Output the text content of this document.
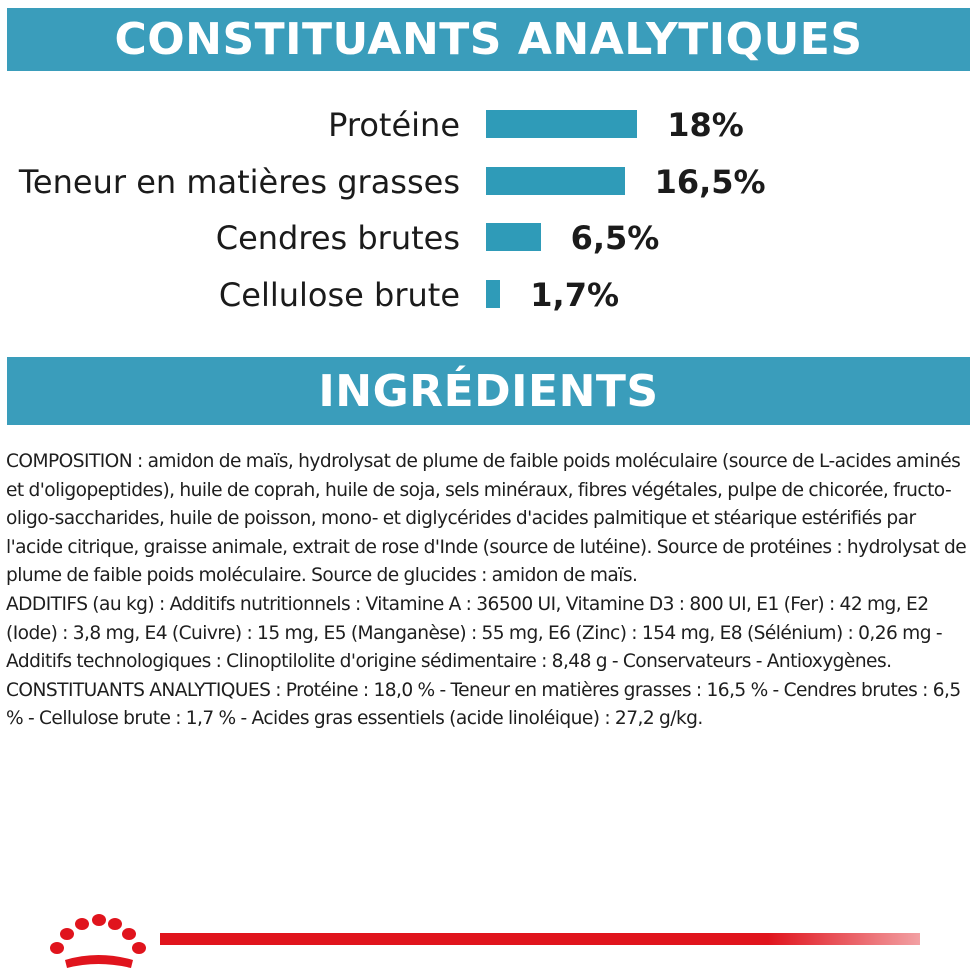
CONSTITUANTS ANALYTIQUES
Protéine	18%
Teneur en matières grasses	16,5%
Cendres brutes	6,5%
Cellulose brute 1,7%
INGRÉDIENTS

COMPOSITION : amidon de maïs, hydrolysat de plume de faible poids moléculaire (source de L-acides aminés et d'oligopeptides), huile de coprah, huile de soja, sels minéraux, fibres végétales, pulpe de chicorée, fructo-oligo-saccharides, huile de poisson, mono- et diglycérides d'acides palmitique et stéarique estérifiés par l'acide citrique, graisse animale, extrait de rose d'Inde (source de lutéine). Source de protéines : hydrolysat de plume de faible poids moléculaire. Source de glucides : amidon de maïs.

ADDITIFS (au kg) : Additifs nutritionnels : Vitamine A : 36500 UI, Vitamine D3 : 800 UI, E1 (Fer) : 42 mg, E2 (Iode) : 3,8 mg, E4 (Cuivre) : 15 mg, E5 (Manganèse) : 55 mg, E6 (Zinc) : 154 mg, E8 (Sélénium) : 0,26 mg - Additifs technologiques : Clinoptilolite d'origine sédimentaire : 8,48 g - Conservateurs - Antioxygènes.

CONSTITUANTS ANALYTIQUES : Protéine : 18,0 % - Teneur en matières grasses : 16,5 % - Cendres brutes : 6,5 % - Cellulose brute : 1,7 % - Acides gras essentiels (acide linoléique) : 27,2 g/kg.
